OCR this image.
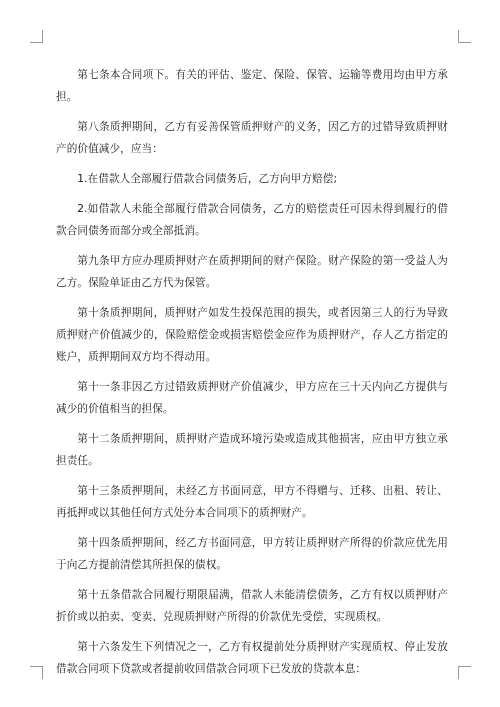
第七条本合同项下。有关的评估、鉴定、保险、保管、运输等费用均由甲方承担。

第八条质押期间，乙方有妥善保管质押财产的义务，因乙方的过错导致质押财产的价值减少，应当：

1.在借款人全部履行借款合同债务后，乙方向甲方赔偿;

2.如借款人未能全部履行借款合同债务，乙方的赔偿责任可因未得到履行的借款合同债务而部分或全部抵消。

第九条甲方应办理质押财产在质押期间的财产保险。财产保险的第一受益人为乙方。保险单证由乙方代为保管。

第十条质押期间，质押财产如发生投保范围的损失，或者因第三人的行为导致质押财产价值减少的，保险赔偿金或损害赔偿金应作为质押财产，存人乙方指定的账户，质押期间双方均不得动用。

第十一条非因乙方过错致质押财产价值减少，甲方应在三十天内向乙方提供与减少的价值相当的担保。

第十二条质押期间，质押财产造成环境污染或造成其他损害，应由甲方独立承担责任。

第十三条质押期间，未经乙方书面同意，甲方不得赠与、迁移、出租、转让、再抵押或以其他任何方式处分本合同项下的质押财产。

第十四条质押期间，经乙方书面同意，甲方转让质押财产所得的价款应优先用于向乙方提前清偿其所担保的债权。

第十五条借款合同履行期限届满，借款人未能清偿债务，乙方有权以质押财产折价或以拍卖、变卖、兑现质押财产所得的价款优先受偿，实现质权。

第十六条发生下列情况之一，乙方有权提前处分质押财产实现质权、停止发放借款合同项下贷款或者提前收回借款合同项下已发放的贷款本息：
